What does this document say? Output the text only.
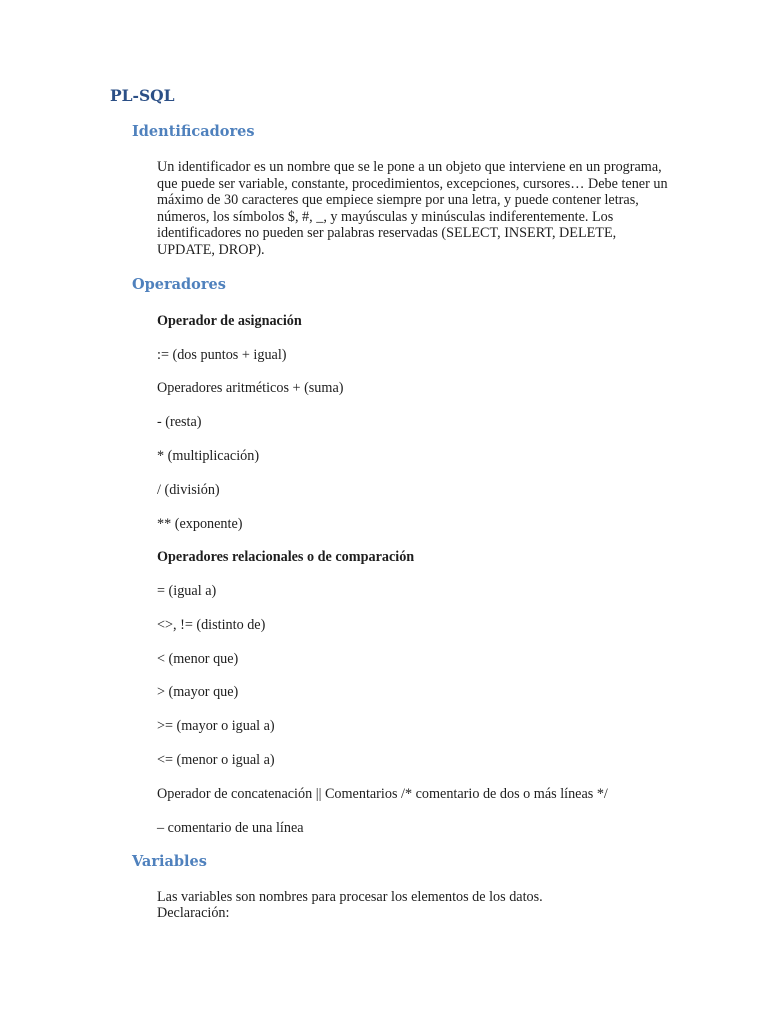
PL-SQL
Identificadores
Un identificador es un nombre que se le pone a un objeto que interviene en un programa, que puede ser variable, constante, procedimientos, excepciones, cursores… Debe tener un máximo de 30 caracteres que empiece siempre por una letra, y puede contener letras, números, los símbolos $, #, _, y mayúsculas y minúsculas indiferentemente. Los identificadores no pueden ser palabras reservadas (SELECT, INSERT, DELETE, UPDATE, DROP).
Operadores
Operador de asignación
:= (dos puntos + igual)
Operadores aritméticos + (suma)
- (resta)
* (multiplicación)
/ (división)
** (exponente)
Operadores relacionales o de comparación
= (igual a)
<>, != (distinto de)
< (menor que)
> (mayor que)
>= (mayor o igual a)
<= (menor o igual a)
Operador de concatenación || Comentarios /* comentario de dos o más líneas */
– comentario de una línea
Variables
Las variables son nombres para procesar los elementos de los datos.
Declaración:
